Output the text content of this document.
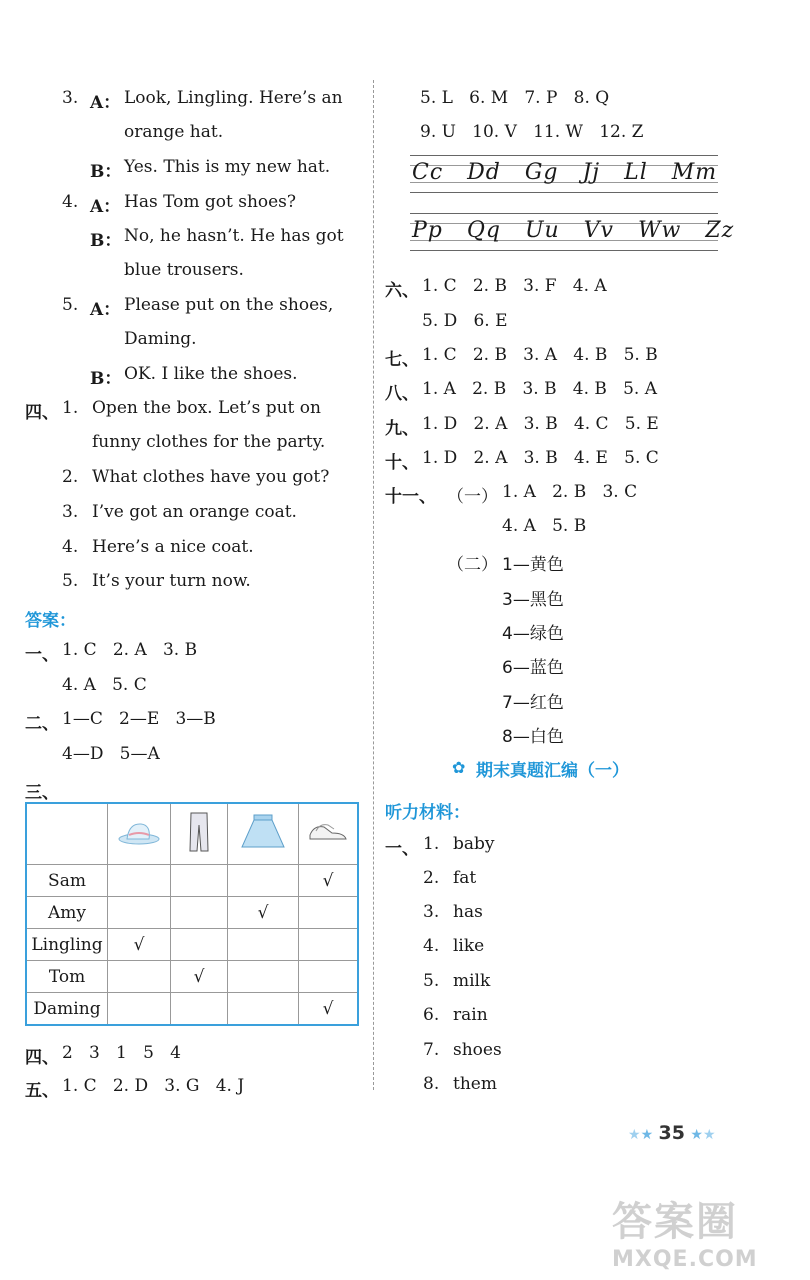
3. A： Look, Lingling. Here’s an
orange hat.
B： Yes. This is my new hat.
4. A： Has Tom got shoes?
B： No, he hasn’t. He has got
blue trousers.
5. A： Please put on the shoes,
Daming.
B： OK. I like the shoes.
四、 1. Open the box. Let’s put on
funny clothes for the party.
2. What clothes have you got?
3. I’ve got an orange coat.
4. Here’s a nice coat.
5. It’s your turn now.
答案：
一、 1. C   2. A   3. B
4. A   5. C
二、 1—C   2—E   3—B
4—D   5—A
三、

Sam				√
Amy			√	
Lingling	√			
Tom		√		
Daming				√
四、 2   3   1   5   4
五、 1. C   2. D   3. G   4. J
5. L   6. M   7. P   8. Q
9. U   10. V   11. W   12. Z
Cc   Dd   Gg   Jj   Ll   Mm
Pp   Qq   Uu   Vv   Ww   Zz
六、 1. C   2. B   3. F   4. A
5. D   6. E
七、 1. C   2. B   3. A   4. B   5. B
八、 1. A   2. B   3. B   4. B   5. A
九、 1. D   2. A   3. B   4. C   5. E
十、 1. D   2. A   3. B   4. E   5. C
十一、 （一） 1. A   2. B   3. C
4. A   5. B
（二） 1—黄色
3—黑色
4—绿色
6—蓝色
7—红色
8—白色
✿ 期末真题汇编（一）
听力材料：
一、 1. baby
2. fat
3. has
4. like
5. milk
6. rain
7. shoes
8. them
★★ 35 ★★
答案圈
MXQE.COM
